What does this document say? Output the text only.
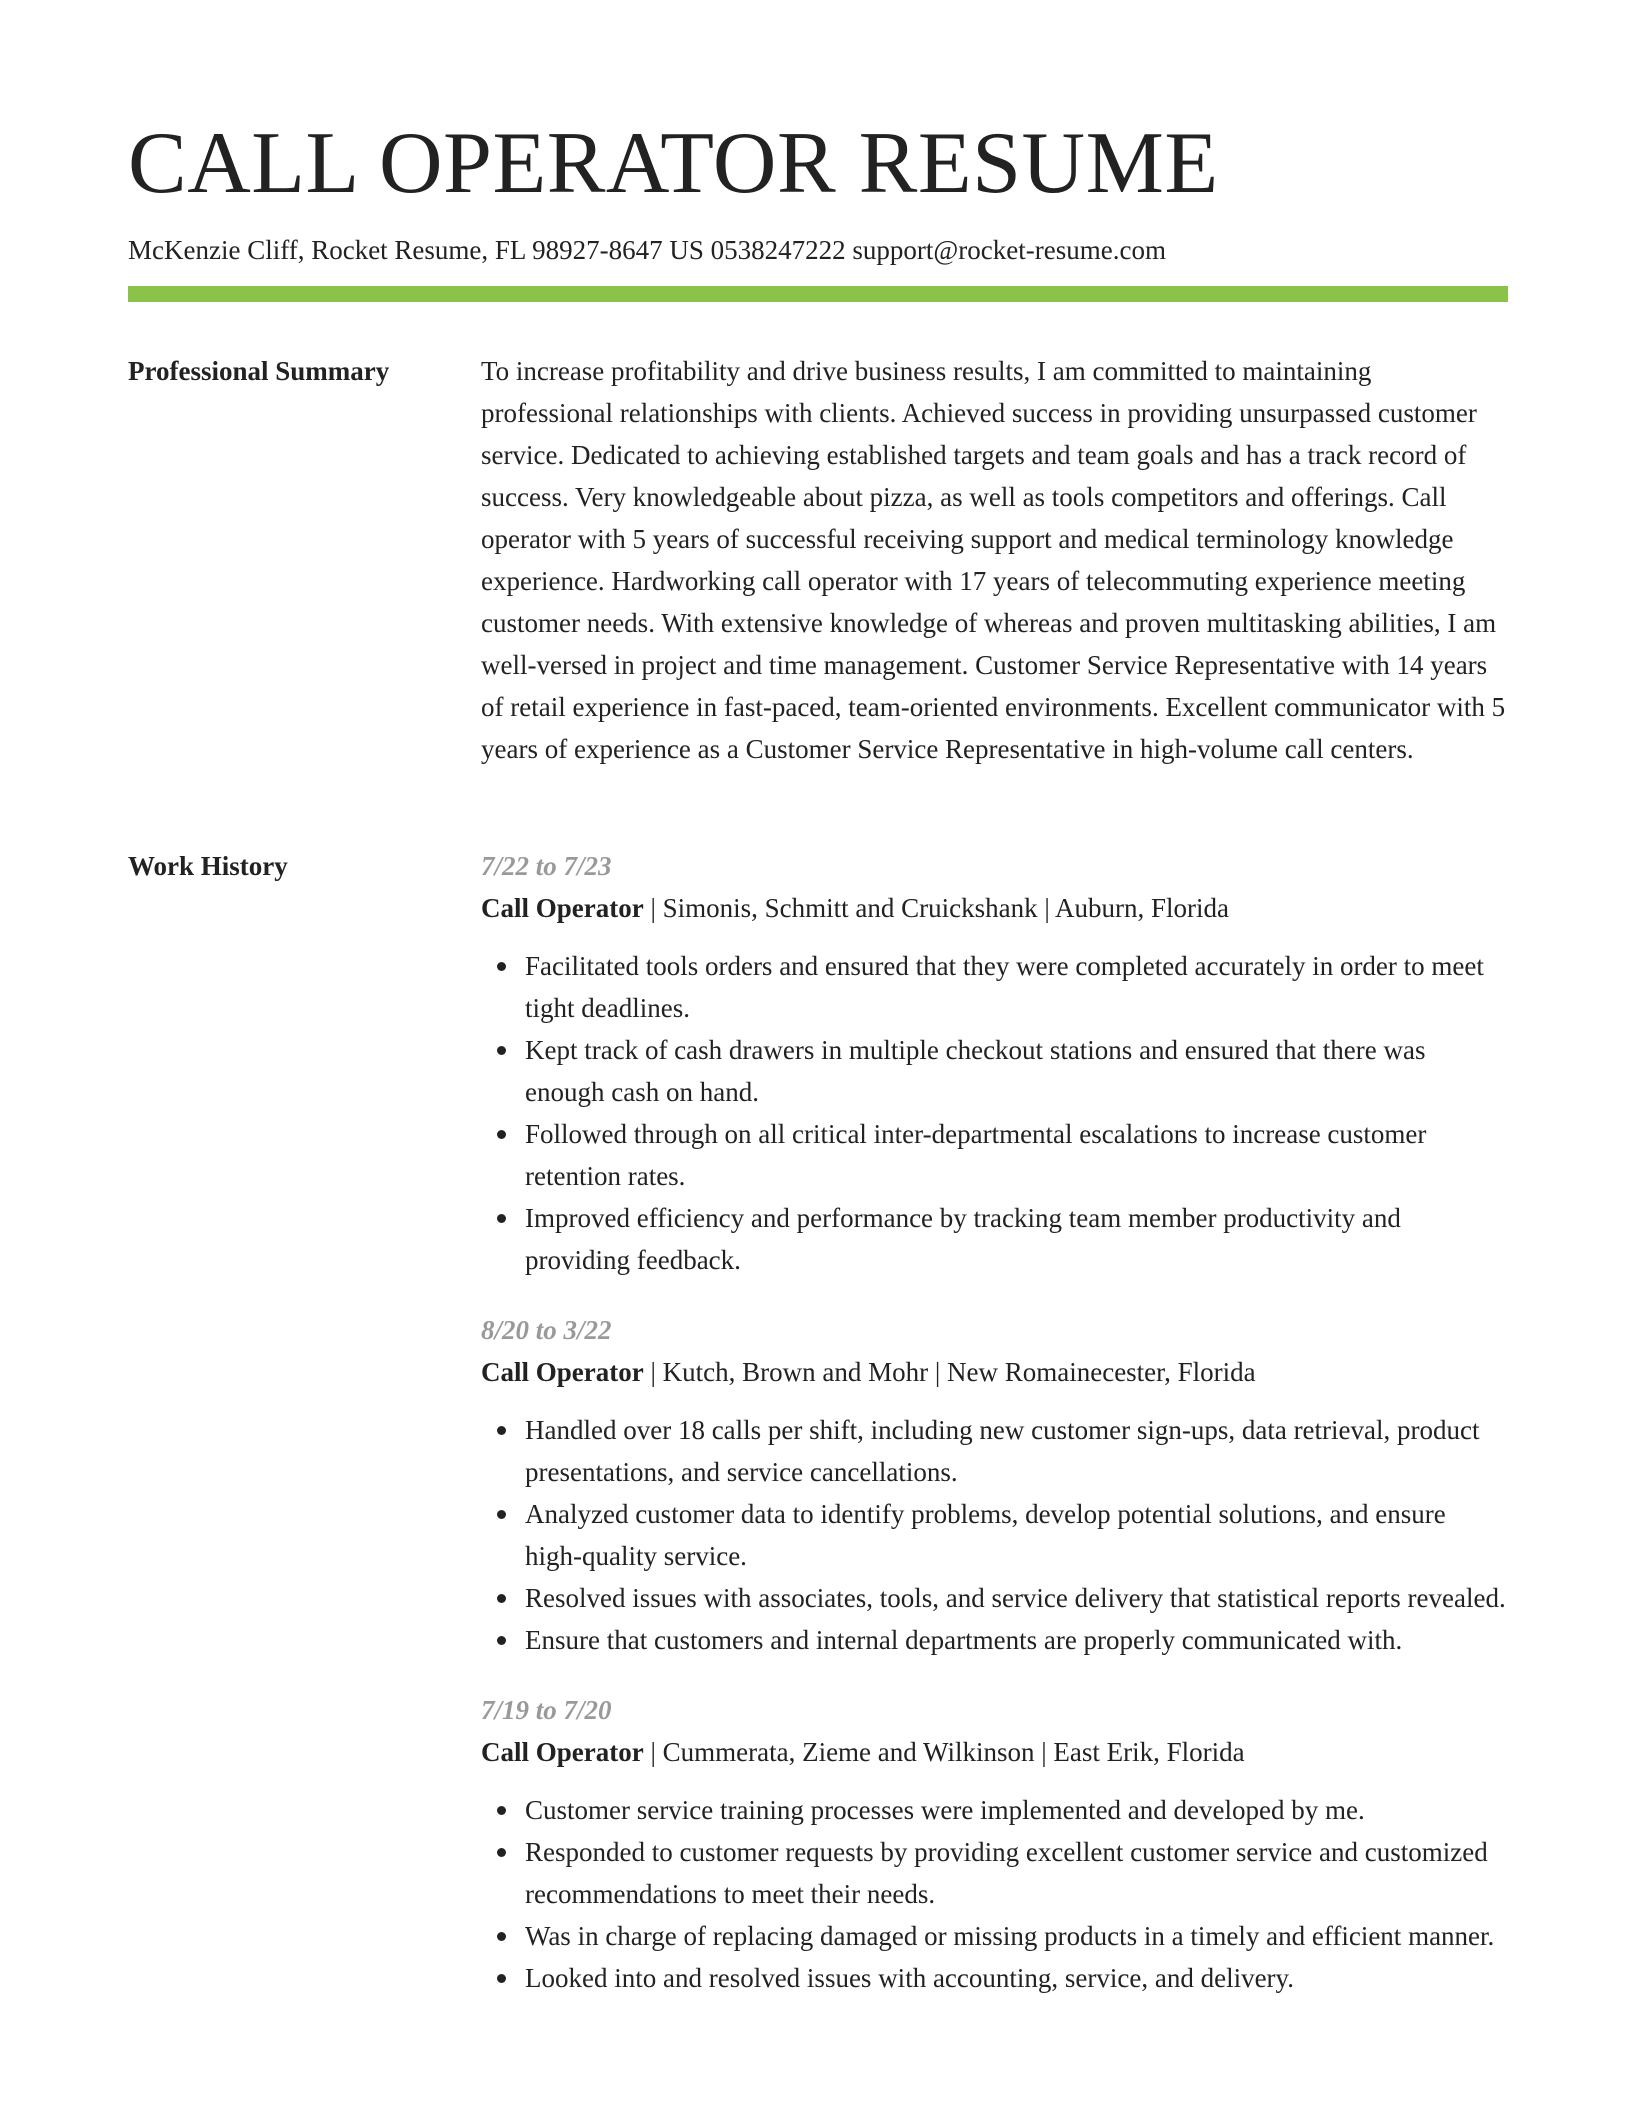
CALL OPERATOR RESUME
McKenzie Cliff, Rocket Resume, FL 98927-8647 US 0538247222 support@rocket-resume.com
Professional Summary	To increase profitability and drive business results, I am committed to maintaining professional relationships with clients. Achieved success in providing unsurpassed customer service. Dedicated to achieving established targets and team goals and has a track record of success. Very knowledgeable about pizza, as well as tools competitors and offerings. Call operator with 5 years of successful receiving support and medical terminology knowledge experience. Hardworking call operator with 17 years of telecommuting experience meeting customer needs. With extensive knowledge of whereas and proven multitasking abilities, I am well-versed in project and time management. Customer Service Representative with 14 years of retail experience in fast-paced, team-oriented environments. Excellent communicator with 5 years of experience as a Customer Service Representative in high-volume call centers.

Work History	7/22 to 7/23
Call Operator | Simonis, Schmitt and Cruickshank | Auburn, Florida
Facilitated tools orders and ensured that they were completed accurately in order to meet tight deadlines.
Kept track of cash drawers in multiple checkout stations and ensured that there was enough cash on hand.
Followed through on all critical inter-departmental escalations to increase customer retention rates.
Improved efficiency and performance by tracking team member productivity and providing feedback.
8/20 to 3/22
Call Operator | Kutch, Brown and Mohr | New Romainecester, Florida
Handled over 18 calls per shift, including new customer sign-ups, data retrieval, product presentations, and service cancellations.
Analyzed customer data to identify problems, develop potential solutions, and ensure high-quality service.
Resolved issues with associates, tools, and service delivery that statistical reports revealed.
Ensure that customers and internal departments are properly communicated with.
7/19 to 7/20
Call Operator | Cummerata, Zieme and Wilkinson | East Erik, Florida
Customer service training processes were implemented and developed by me.
Responded to customer requests by providing excellent customer service and customized recommendations to meet their needs.
Was in charge of replacing damaged or missing products in a timely and efficient manner.
Looked into and resolved issues with accounting, service, and delivery.
